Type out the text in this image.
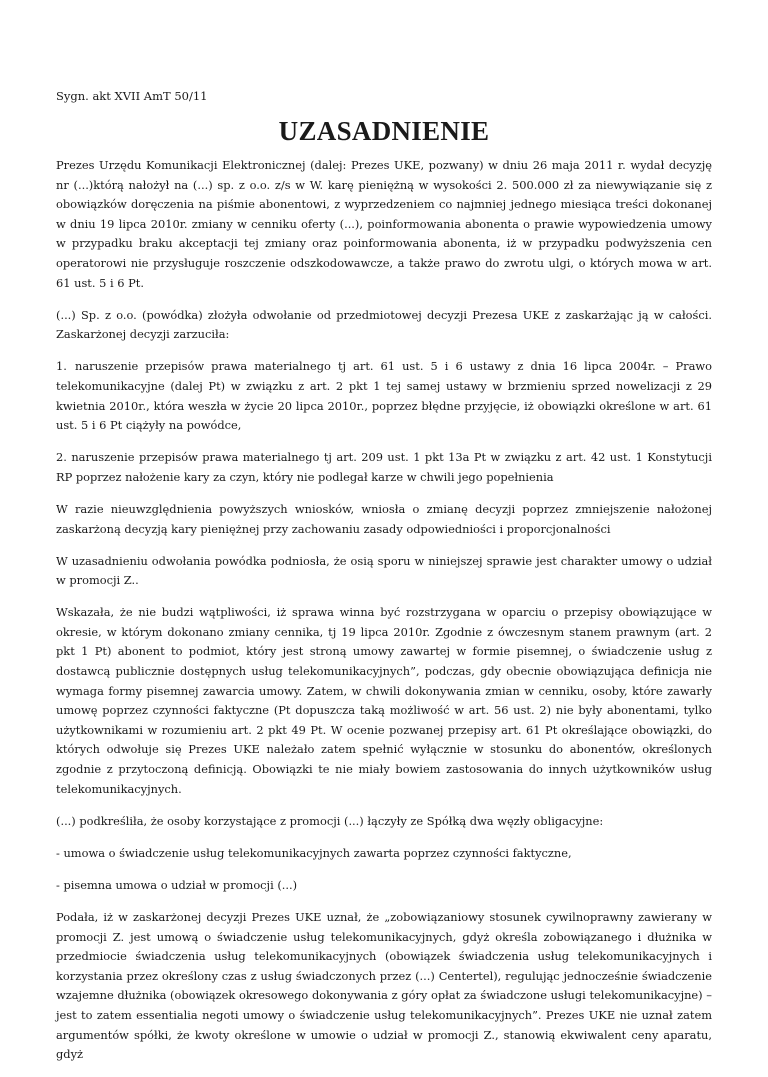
Sygn. akt XVII AmT 50/11

UZASADNIENIE

Prezes Urzędu Komunikacji Elektronicznej (dalej: Prezes UKE, pozwany) w dniu 26 maja 2011 r. wydał decyzję nr (...)którą nałożył na (...) sp. z o.o. z/s w W. karę pieniężną w wysokości 2. 500.000 zł za niewywiązanie się z obowiązków doręczenia na piśmie abonentowi, z wyprzedzeniem co najmniej jednego miesiąca treści dokonanej w dniu 19 lipca 2010r. zmiany w cenniku oferty (...), poinformowania abonenta o prawie wypowiedzenia umowy w przypadku braku akceptacji tej zmiany oraz poinformowania abonenta, iż w przypadku podwyższenia cen operatorowi nie przysługuje roszczenie odszkodowawcze, a także prawo do zwrotu ulgi, o których mowa w art. 61 ust. 5 i 6 Pt.

(...) Sp. z o.o. (powódka) złożyła odwołanie od przedmiotowej decyzji Prezesa UKE z zaskarżając ją w całości. Zaskarżonej decyzji zarzuciła:

1. naruszenie przepisów prawa materialnego tj art. 61 ust. 5 i 6 ustawy z dnia 16 lipca 2004r. – Prawo telekomunikacyjne (dalej Pt) w związku z art. 2 pkt 1 tej samej ustawy w brzmieniu sprzed nowelizacji z 29 kwietnia 2010r., która weszła w życie 20 lipca 2010r., poprzez błędne przyjęcie, iż obowiązki określone w art. 61 ust. 5 i 6 Pt ciążyły na powódce,

2. naruszenie przepisów prawa materialnego tj art. 209 ust. 1 pkt 13a Pt w związku z art. 42 ust. 1 Konstytucji RP poprzez nałożenie kary za czyn, który nie podlegał karze w chwili jego popełnienia

W razie nieuwzględnienia powyższych wniosków, wniosła o zmianę decyzji poprzez zmniejszenie nałożonej zaskarżoną decyzją kary pieniężnej przy zachowaniu zasady odpowiedniości i proporcjonalności

W uzasadnieniu odwołania powódka podniosła, że osią sporu w niniejszej sprawie jest charakter umowy o udział w promocji Z..

Wskazała, że nie budzi wątpliwości, iż sprawa winna być rozstrzygana w oparciu o przepisy obowiązujące w okresie, w którym dokonano zmiany cennika, tj 19 lipca 2010r. Zgodnie z ówczesnym stanem prawnym (art. 2 pkt 1 Pt) abonent to podmiot, który jest stroną umowy zawartej w formie pisemnej, o świadczenie usług z dostawcą publicznie dostępnych usług telekomunikacyjnych”, podczas, gdy obecnie obowiązująca definicja nie wymaga formy pisemnej zawarcia umowy. Zatem, w chwili dokonywania zmian w cenniku, osoby, które zawarły umowę poprzez czynności faktyczne (Pt dopuszcza taką możliwość w art. 56 ust. 2) nie były abonentami, tylko użytkownikami w rozumieniu art. 2 pkt 49 Pt. W ocenie pozwanej przepisy art. 61 Pt określające obowiązki, do których odwołuje się Prezes UKE należało zatem spełnić wyłącznie w stosunku do abonentów, określonych zgodnie z przytoczoną definicją. Obowiązki te nie miały bowiem zastosowania do innych użytkowników usług telekomunikacyjnych.

(...) podkreśliła, że osoby korzystające z promocji (...) łączyły ze Spółką dwa węzły obligacyjne:

- umowa o świadczenie usług telekomunikacyjnych zawarta poprzez czynności faktyczne,

- pisemna umowa o udział w promocji (...)

Podała, iż w zaskarżonej decyzji Prezes UKE uznał, że „zobowiązaniowy stosunek cywilnoprawny zawierany w promocji Z. jest umową o świadczenie usług telekomunikacyjnych, gdyż określa zobowiązanego i dłużnika w przedmiocie świadczenia usług telekomunikacyjnych (obowiązek świadczenia usług telekomunikacyjnych i korzystania przez określony czas z usług świadczonych przez (...) Centertel), regulując jednocześnie świadczenie wzajemne dłużnika (obowiązek okresowego dokonywania z góry opłat za świadczone usługi telekomunikacyjne) – jest to zatem essentialia negoti umowy o świadczenie usług telekomunikacyjnych”. Prezes UKE nie uznał zatem argumentów spółki, że kwoty określone w umowie o udział w promocji Z., stanowią ekwiwalent ceny aparatu, gdyż
